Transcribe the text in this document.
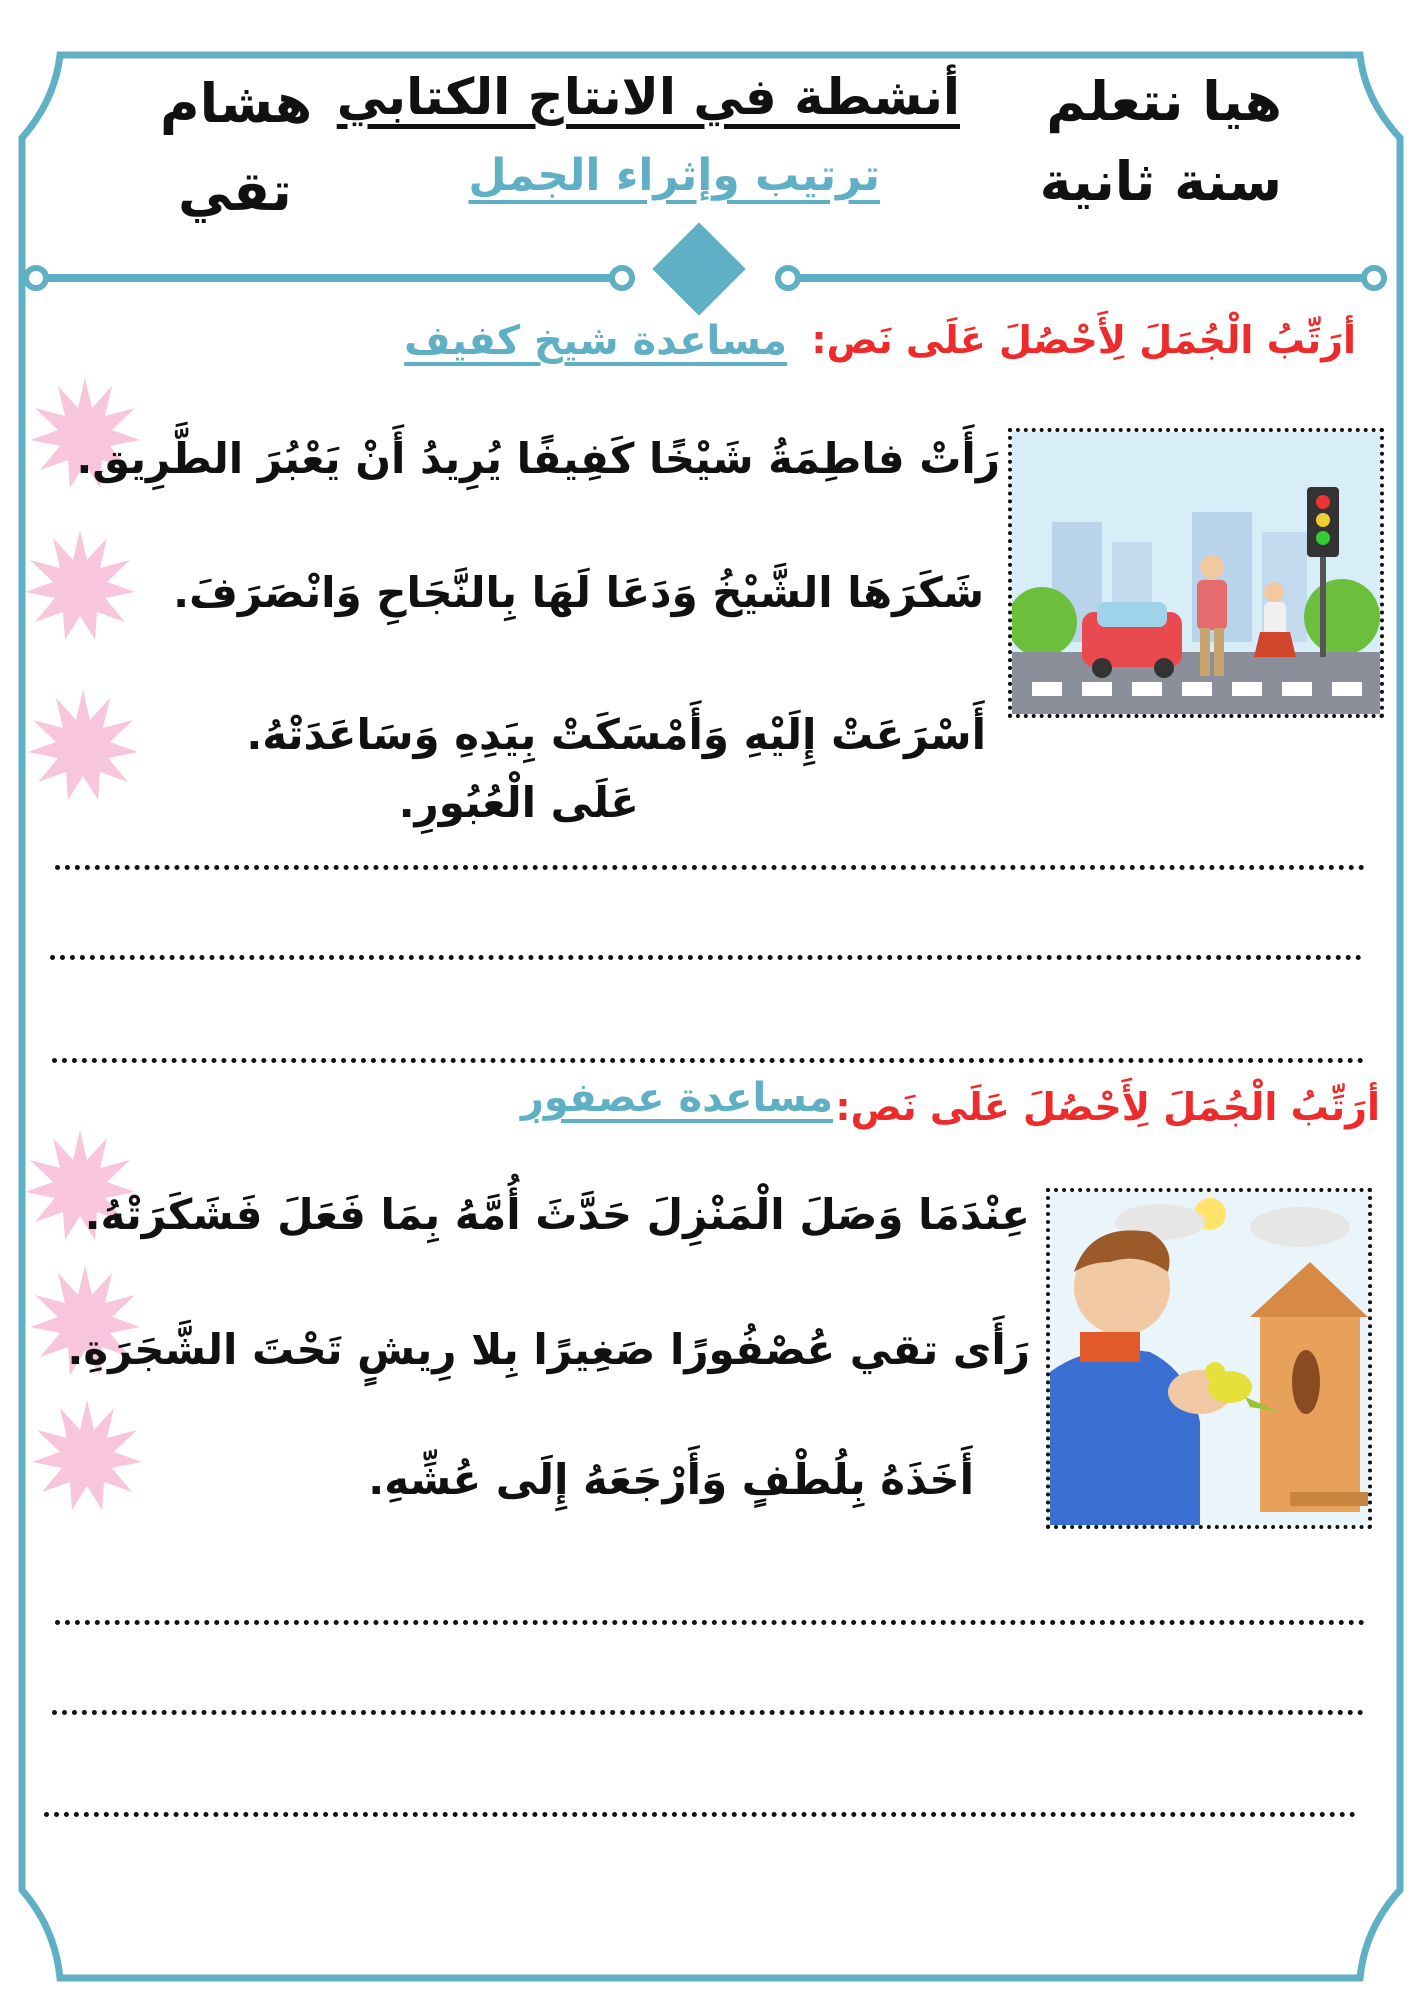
هيا نتعلم
سنة ثانية
أنشطة في الانتاج الكتابي
ترتيب وإثراء الجمل
هشام
تقي
أرَتِّبُ الْجُمَلَ لِأَحْصُلَ عَلَى نَص:
مساعدة شيخ كفيف
رَأَتْ فاطِمَةُ شَيْخًا كَفِيفًا يُرِيدُ أَنْ يَعْبُرَ الطَّرِيق.
شَكَرَهَا الشَّيْخُ وَدَعَا لَهَا بِالنَّجَاحِ وَانْصَرَفَ.
أَسْرَعَتْ إِلَيْهِ وَأَمْسَكَتْ بِيَدِهِ وَسَاعَدَتْهُ.
عَلَى الْعُبُورِ.
أرَتِّبُ الْجُمَلَ لِأَحْصُلَ عَلَى نَص:
مساعدة عصفور
عِنْدَمَا وَصَلَ الْمَنْزِلَ حَدَّثَ أُمَّهُ بِمَا فَعَلَ فَشَكَرَتْهُ.
رَأَى تقي عُصْفُورًا صَغِيرًا بِلا رِيشٍ تَحْتَ الشَّجَرَةِ.
أَخَذَهُ بِلُطْفٍ وَأَرْجَعَهُ إِلَى عُشِّهِ.
